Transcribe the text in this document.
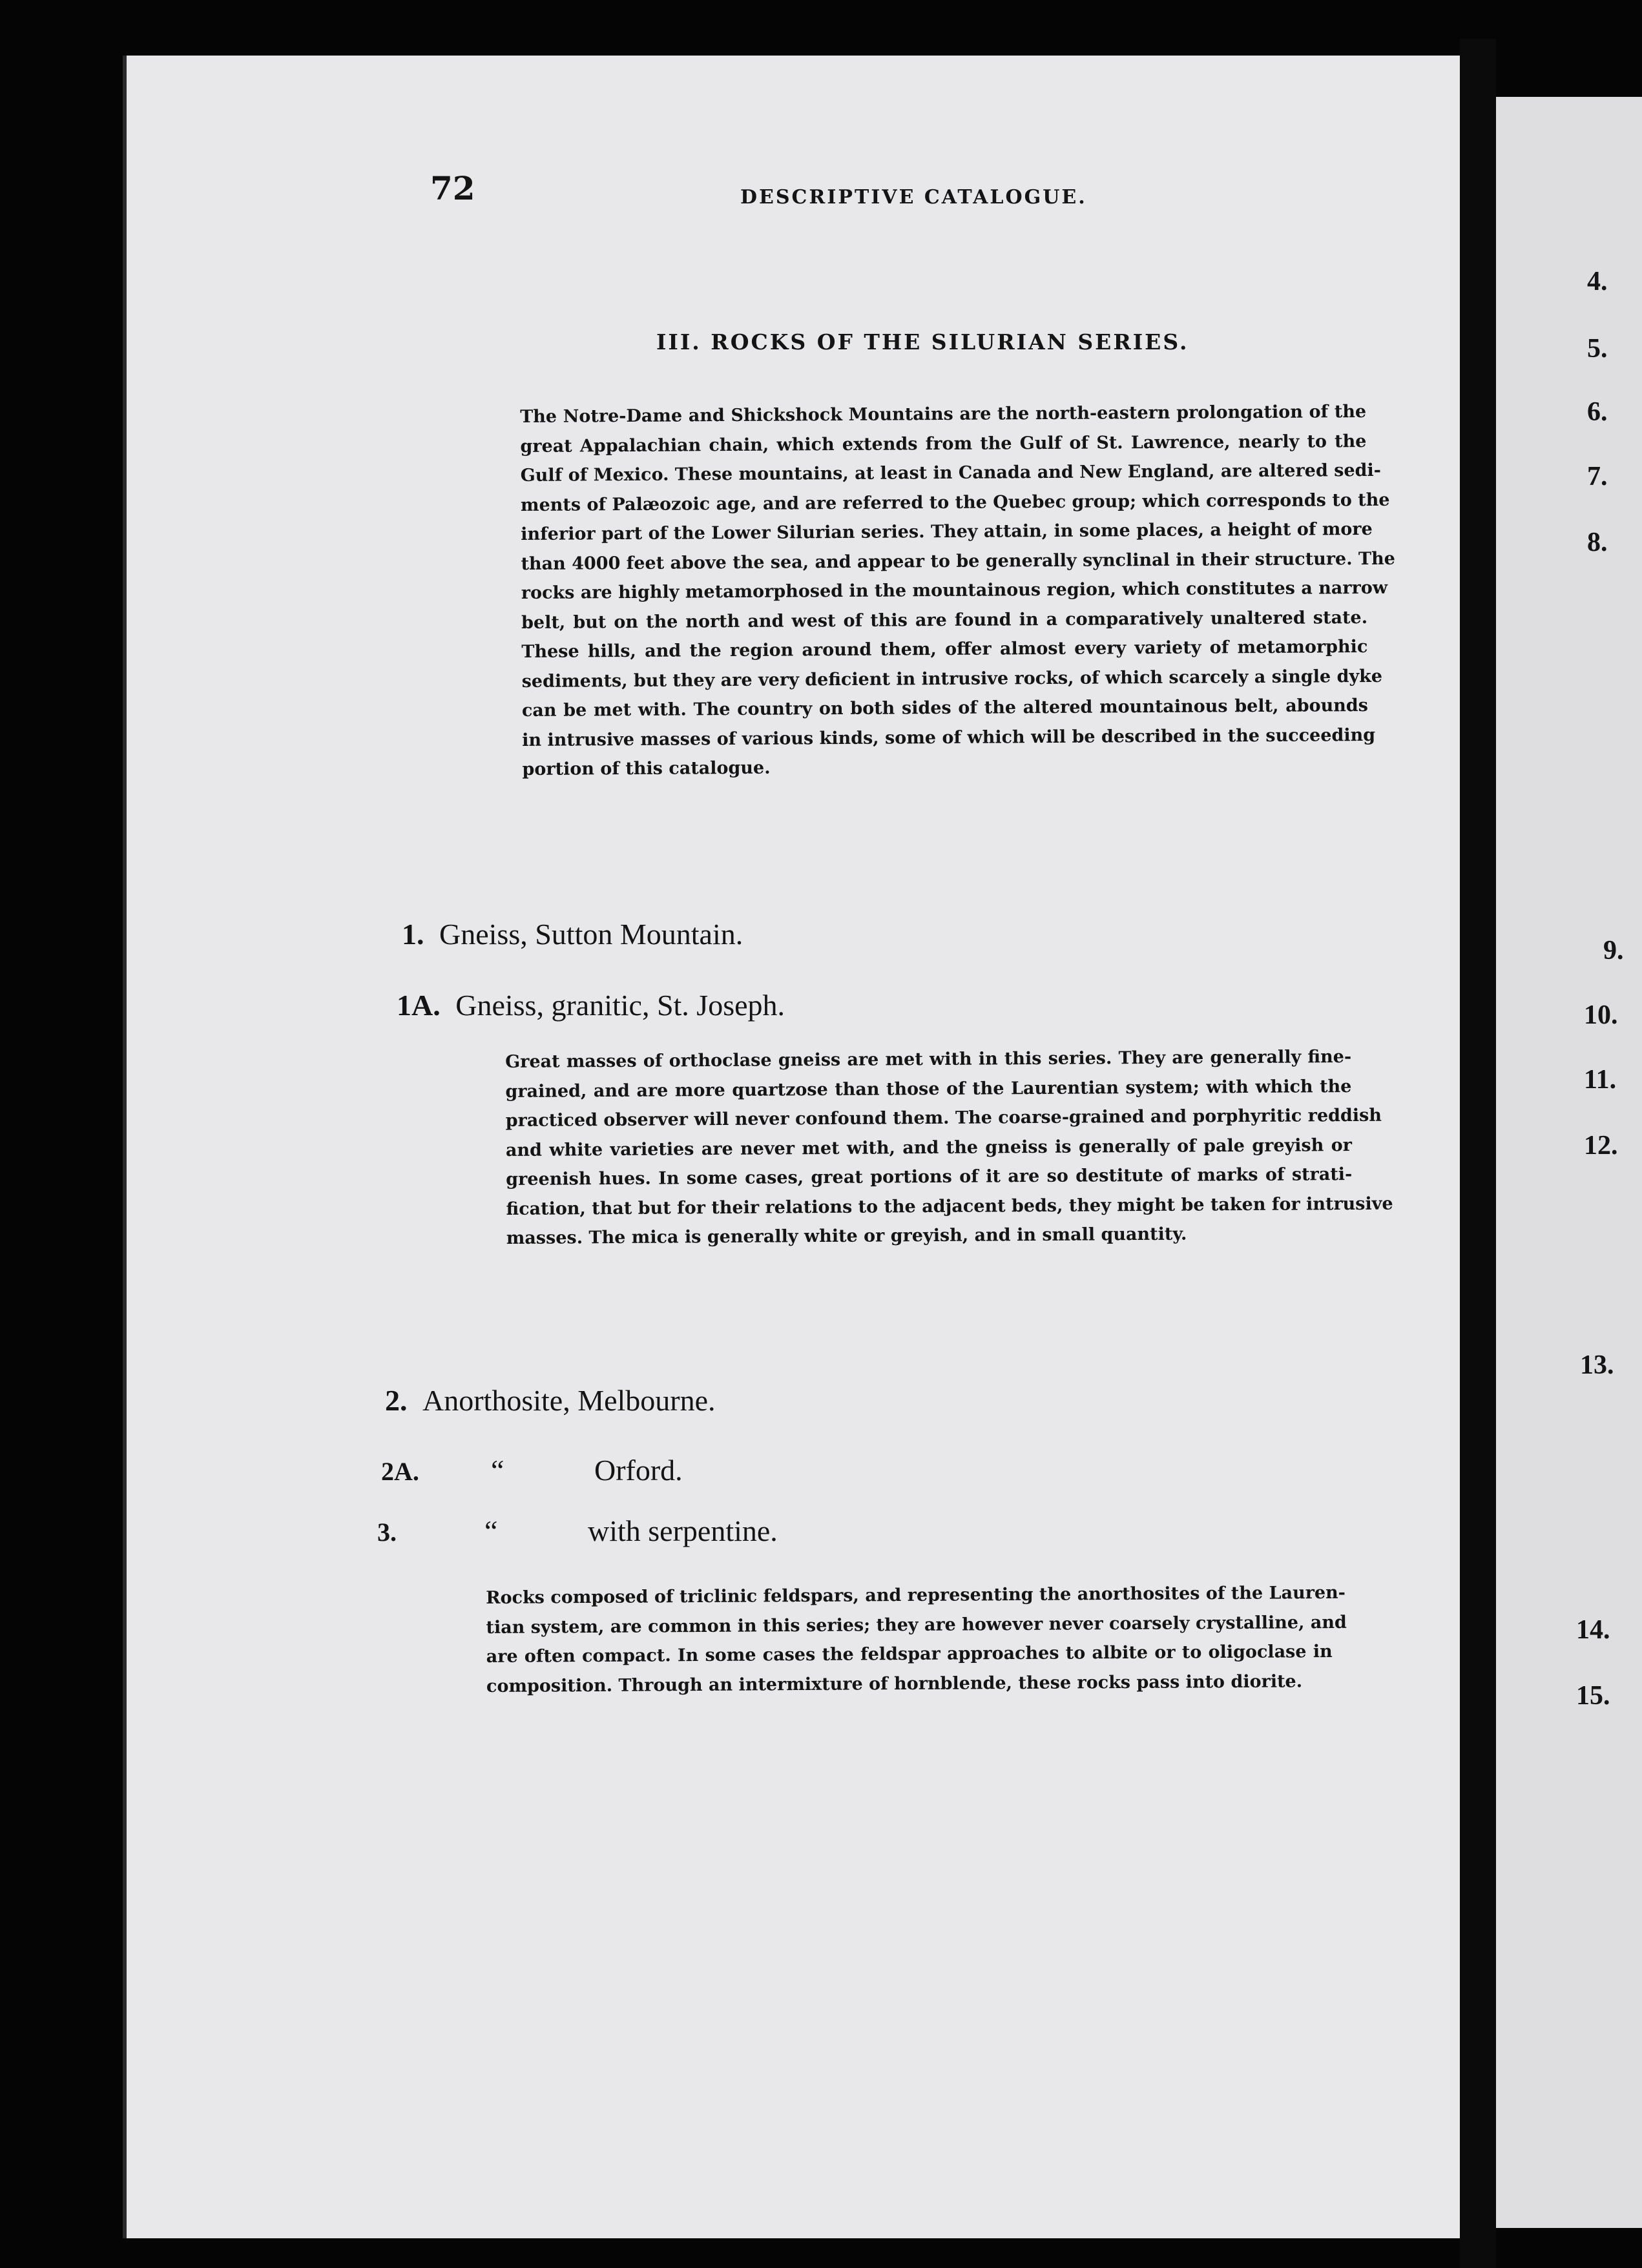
72	DESCRIPTIVE CATALOGUE.
III. ROCKS OF THE SILURIAN SERIES.
The Notre-Dame and Shickshock Mountains are the north-eastern prolongation of the
great Appalachian chain, which extends from the Gulf of St. Lawrence, nearly to the
Gulf of Mexico. These mountains, at least in Canada and New England, are altered sedi-
ments of Palæozoic age, and are referred to the Quebec group; which corresponds to the
inferior part of the Lower Silurian series. They attain, in some places, a height of more
than 4000 feet above the sea, and appear to be generally synclinal in their structure. The
rocks are highly metamorphosed in the mountainous region, which constitutes a narrow
belt, but on the north and west of this are found in a comparatively unaltered state.
These hills, and the region around them, offer almost every variety of metamorphic
sediments, but they are very deficient in intrusive rocks, of which scarcely a single dyke
can be met with. The country on both sides of the altered mountainous belt, abounds
in intrusive masses of various kinds, some of which will be described in the succeeding
portion of this catalogue.
1. Gneiss, Sutton Mountain.
1A. Gneiss, granitic, St. Joseph.
Great masses of orthoclase gneiss are met with in this series. They are generally fine-
grained, and are more quartzose than those of the Laurentian system; with which the
practiced observer will never confound them. The coarse-grained and porphyritic reddish
and white varieties are never met with, and the gneiss is generally of pale greyish or
greenish hues. In some cases, great portions of it are so destitute of marks of strati-
fication, that but for their relations to the adjacent beds, they might be taken for intrusive
masses. The mica is generally white or greyish, and in small quantity.
2. Anorthosite, Melbourne.
2A. “	Orford.
3.	“	with serpentine.
Rocks composed of triclinic feldspars, and representing the anorthosites of the Lauren-
tian system, are common in this series; they are however never coarsely crystalline, and
are often compact. In some cases the feldspar approaches to albite or to oligoclase in
composition. Through an intermixture of hornblende, these rocks pass into diorite.
4.
5.
6.
7.
8.
9.
10.
11.
12.
13.
14.
15.
